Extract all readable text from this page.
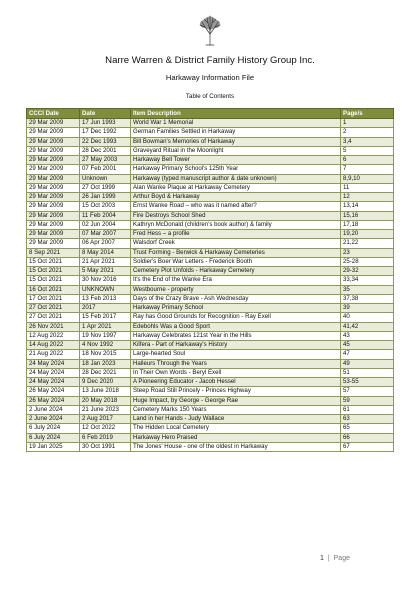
Narre Warren & District Family History Group Inc.
Harkaway Information File
Table of Contents
CCCI Date	Date	Item Description	Page/s
29 Mar 2009	17 Jun 1993	World War 1 Memorial	1
29 Mar 2009	17 Dec 1992	German Families Settled in Harkaway	2
29 Mar 2009	22 Dec 1993	Bill Bowman's Memories of Harkaway	3,4
29 Mar 2009	28 Dec 2001	Graveyard Ritual in the Moonlight	5
29 Mar 2009	27 May 2003	Harkaway Bell Tower	6
29 Mar 2009	07 Feb 2001	Harkaway Primary School's 125th Year	7
29 Mar 2009	Unknown	Harkaway (typed manuscript author & date unknown)	8,9,10
29 Mar 2009	27 Oct 1999	Alan Wanke Plaque at Harkaway Cemetery	11
29 Mar 2009	26 Jan 1999	Arthur Boyd & Harkaway	12
29 Mar 2009	15 Oct 2003	Ernst Wanke Road – who was it named after?	13,14
29 Mar 2009	11 Feb 2004	Fire Destroys School Shed	15,16
29 Mar 2009	02 Jun 2004	Kathryn McDonald (children's book author) & family	17,18
29 Mar 2009	07 Mar 2007	Fred Hess – a profile	19,20
29 Mar 2009	06 Apr 2007	Walsdorf Creek	21,22
8 Sep 2021	8 May 2014	Trust Forming - Berwick & Harkaway Cemeteries	23
15 Oct 2021	21 Apr 2021	Soldier's Boer War Letters - Frederick Booth	25-28
15 Oct 2021	5 May 2021	Cemetery Plot Unfolds - Harkaway Cemetery	29-32
15 Oct 2021	30 Nov 2016	It's the End of the Wanke Era	33,34
16 Oct 2021	UNKNOWN	Westbourne - property	35
17 Oct 2021	13 Feb 2013	Days of the Crazy Brave - Ash Wednesday	37,38
27 Oct 2021	2017	Harkaway Primary School	39
27 Oct 2021	15 Feb 2017	Ray has Good Grounds for Recognition - Ray Exell	40
26 Nov 2021	1 Apr 2021	Edebohls Was a Good Sport	41,42
12 Aug 2022	19 Nov 1997	Harkaway Celebrates 121st Year in the Hills	43
14 Aug 2022	4 Nov 1992	Kilfera - Part of Harkaway's History	45
21 Aug 2022	18 Nov 2015	Large-hearted Soul	47
24 May 2024	18 Jan 2023	Halleurs Through the Years	49
24 May 2024	28 Dec 2021	In Their Own Words - Beryl Exell	51
24 May 2024	9 Dec 2020	A Pioneering Educator - Jacob Hessel	53-55
26 May 2024	13 June 2018	Steep Road Still Princely - Princes Highway	57
26 May 2024	20 May 2018	Huge Impact, by George - George Rae	59
2 June 2024	21 June 2023	Cemetery Marks 150 Years	61
2 June 2024	2 Aug 2017	Land in her Hands - Judy Wallace	63
6 July 2024	12 Oct 2022	The Hidden Local Cemetery	65
6 July 2024	6 Feb 2019	Harkaway Hero Praised	66
19 Jan 2025	30 Oct 1991	The Jones' House - one of the oldest in Harkaway	67
1 | Page
